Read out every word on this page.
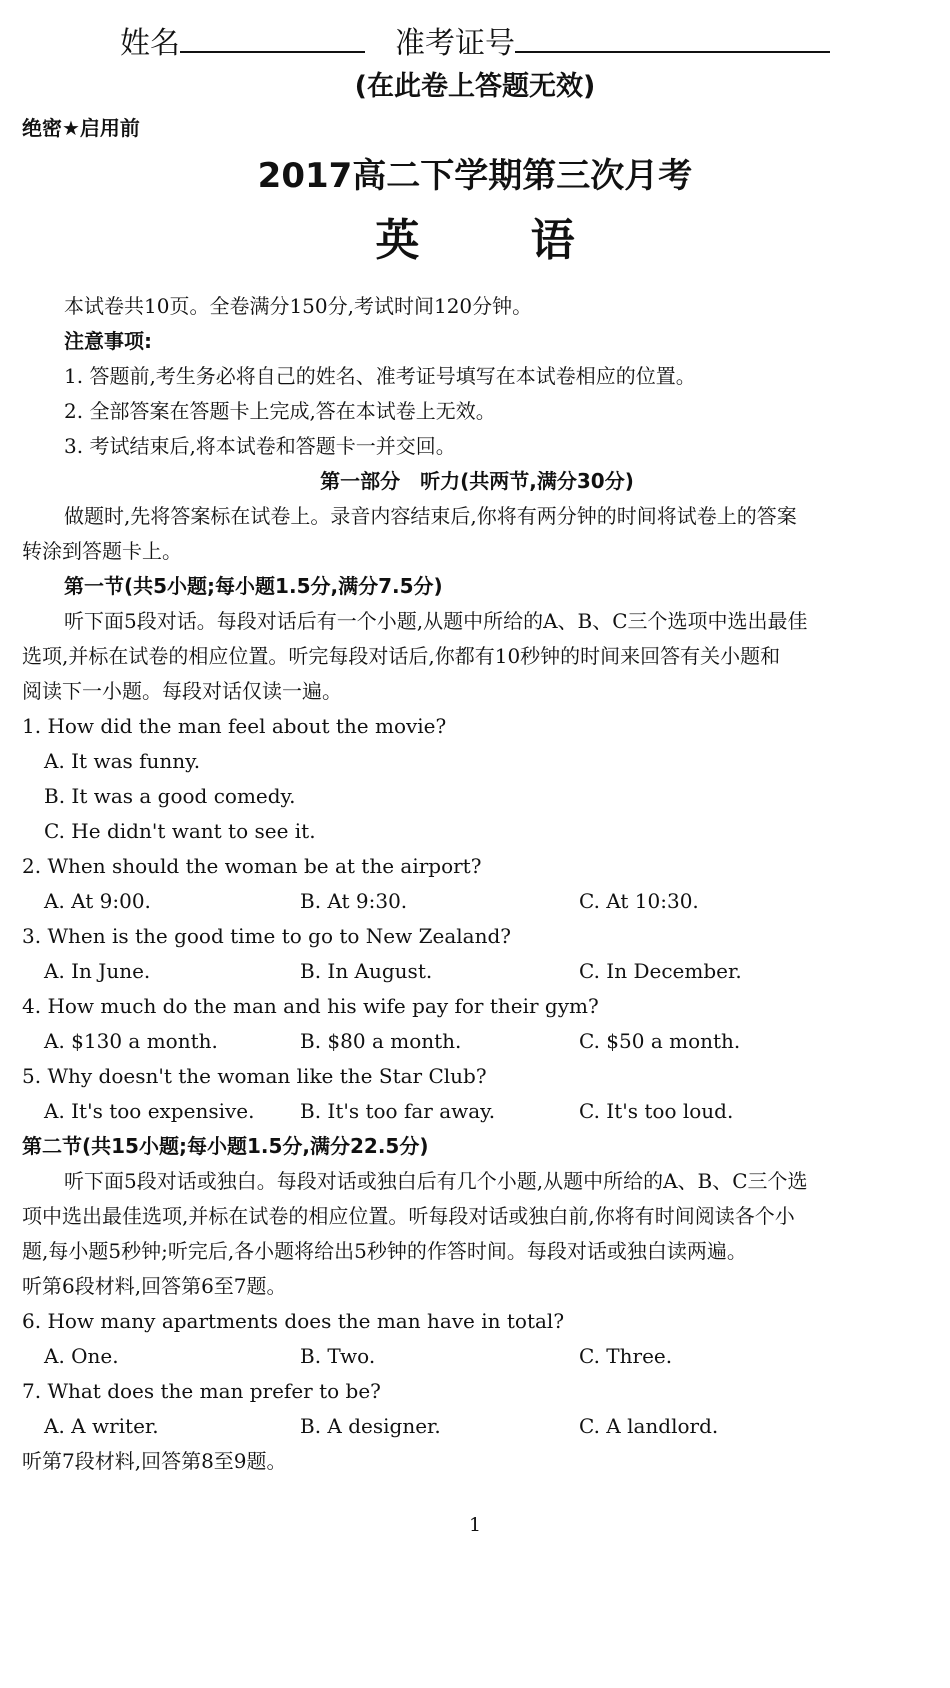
姓名	准考证号
(在此卷上答题无效)
绝密★启用前
2017高二下学期第三次月考
英 语
本试卷共10页。全卷满分150分,考试时间120分钟。
注意事项:
1. 答题前,考生务必将自己的姓名、准考证号填写在本试卷相应的位置。
2. 全部答案在答题卡上完成,答在本试卷上无效。
3. 考试结束后,将本试卷和答题卡一并交回。
第一部分　听力(共两节,满分30分)
做题时,先将答案标在试卷上。录音内容结束后,你将有两分钟的时间将试卷上的答案
转涂到答题卡上。
第一节(共5小题;每小题1.5分,满分7.5分)
听下面5段对话。每段对话后有一个小题,从题中所给的A、B、C三个选项中选出最佳
选项,并标在试卷的相应位置。听完每段对话后,你都有10秒钟的时间来回答有关小题和
阅读下一小题。每段对话仅读一遍。
1. How did the man feel about the movie?
A. It was funny.
B. It was a good comedy.
C. He didn't want to see it.
2. When should the woman be at the airport?
A. At 9:00.	B. At 9:30.	C. At 10:30.
3. When is the good time to go to New Zealand?
A. In June.	B. In August.	C. In December.
4. How much do the man and his wife pay for their gym?
A. $130 a month.	B. $80 a month.	C. $50 a month.
5. Why doesn't the woman like the Star Club?
A. It's too expensive. B. It's too far away.	C. It's too loud.
第二节(共15小题;每小题1.5分,满分22.5分)
听下面5段对话或独白。每段对话或独白后有几个小题,从题中所给的A、B、C三个选
项中选出最佳选项,并标在试卷的相应位置。听每段对话或独白前,你将有时间阅读各个小
题,每小题5秒钟;听完后,各小题将给出5秒钟的作答时间。每段对话或独白读两遍。
听第6段材料,回答第6至7题。
6. How many apartments does the man have in total?
A. One.	B. Two.	C. Three.
7. What does the man prefer to be?
A. A writer.	B. A designer.	C. A landlord.
听第7段材料,回答第8至9题。
1
